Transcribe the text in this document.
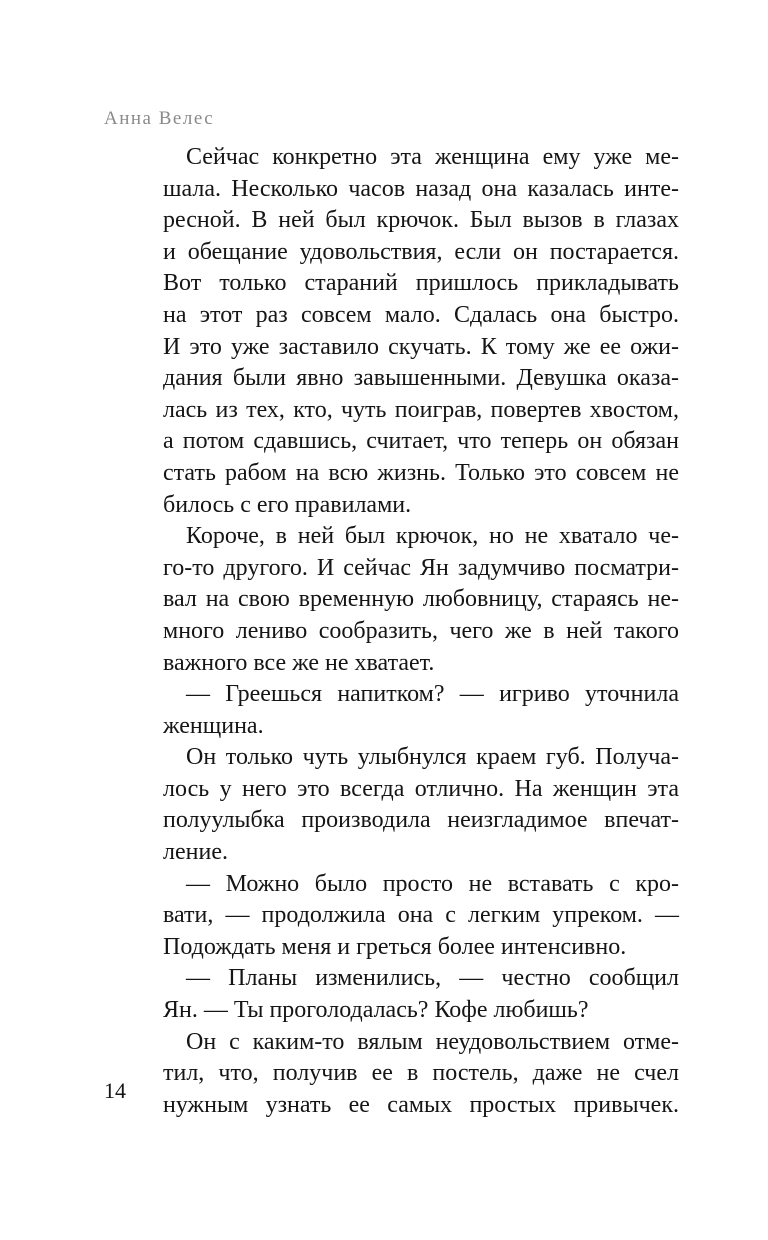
Анна Велес
Сейчас конкретно эта женщина ему уже ме-
шала. Несколько часов назад она казалась инте-
ресной. В ней был крючок. Был вызов в глазах
и обещание удовольствия, если он постарается.
Вот только стараний пришлось прикладывать
на этот раз совсем мало. Сдалась она быстро.
И это уже заставило скучать. К тому же ее ожи-
дания были явно завышенными. Девушка оказа-
лась из тех, кто, чуть поиграв, повертев хвостом,
а потом сдавшись, считает, что теперь он обязан
стать рабом на всю жизнь. Только это совсем не
билось с его правилами.
Короче, в ней был крючок, но не хватало че-
го-то другого. И сейчас Ян задумчиво посматри-
вал на свою временную любовницу, стараясь не-
много лениво сообразить, чего же в ней такого
важного все же не хватает.
— Греешься напитком? — игриво уточнила
женщина.
Он только чуть улыбнулся краем губ. Получа-
лось у него это всегда отлично. На женщин эта
полуулыбка производила неизгладимое впечат-
ление.
— Можно было просто не вставать с кро-
вати, — продолжила она с легким упреком. —
Подождать меня и греться более интенсивно.
— Планы изменились, — честно сообщил
Ян. — Ты проголодалась? Кофе любишь?
Он с каким-то вялым неудовольствием отме-
тил, что, получив ее в постель, даже не счел
нужным узнать ее самых простых привычек.
14
